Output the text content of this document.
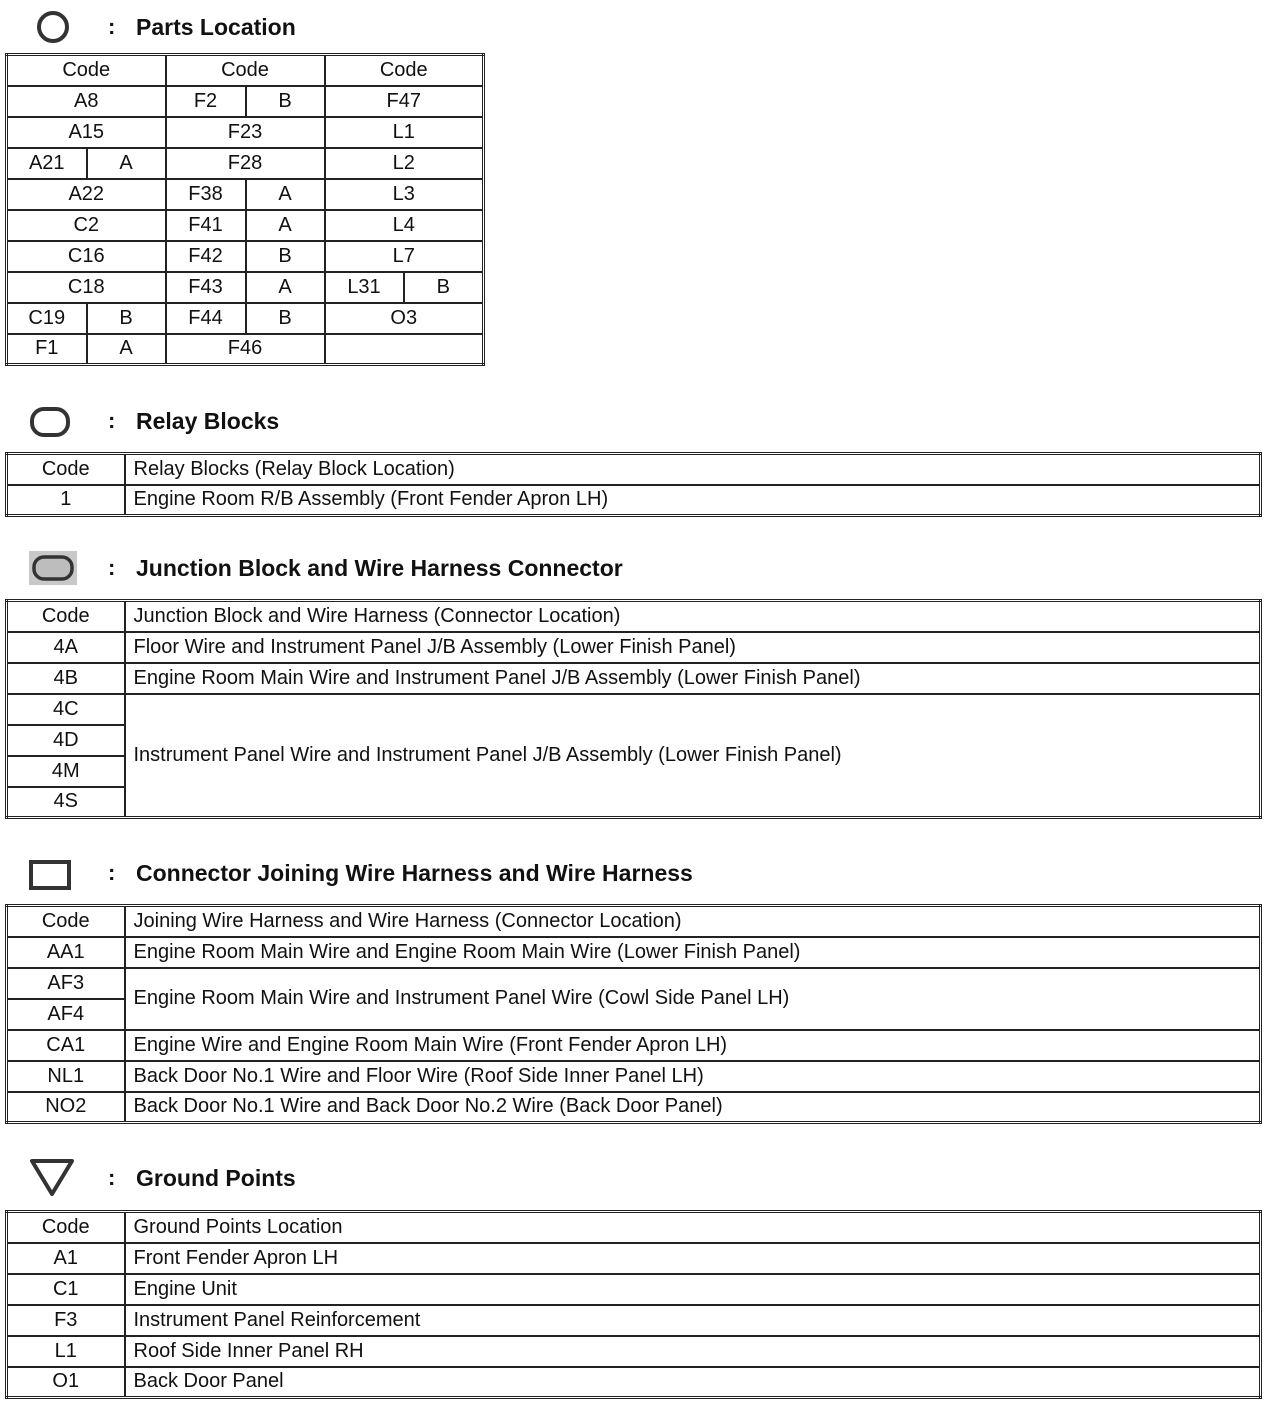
: Parts Location
Code		Code		Code	
A8		F2	B	F47	
A15		F23		L1	
A21	A	F28		L2	
A22		F38	A	L3	
C2		F41	A	L4	
C16		F42	B	L7	
C18		F43	A	L31	B
C19	B	F44	B	O3	
F1	A	F46			
: Relay Blocks
Code	Relay Blocks (Relay Block Location)
1	Engine Room R/B Assembly (Front Fender Apron LH)
: Junction Block and Wire Harness Connector
Code	Junction Block and Wire Harness (Connector Location)
4A	Floor Wire and Instrument Panel J/B Assembly (Lower Finish Panel)
4B	Engine Room Main Wire and Instrument Panel J/B Assembly (Lower Finish Panel)
4C	Instrument Panel Wire and Instrument Panel J/B Assembly (Lower Finish Panel)
4D	
4M	
4S	
: Connector Joining Wire Harness and Wire Harness
Code	Joining Wire Harness and Wire Harness (Connector Location)
AA1	Engine Room Main Wire and Engine Room Main Wire (Lower Finish Panel)
AF3	Engine Room Main Wire and Instrument Panel Wire (Cowl Side Panel LH)
AF4	
CA1	Engine Wire and Engine Room Main Wire (Front Fender Apron LH)
NL1	Back Door No.1 Wire and Floor Wire (Roof Side Inner Panel LH)
NO2	Back Door No.1 Wire and Back Door No.2 Wire (Back Door Panel)
: Ground Points
Code	Ground Points Location
A1	Front Fender Apron LH
C1	Engine Unit
F3	Instrument Panel Reinforcement
L1	Roof Side Inner Panel RH
O1	Back Door Panel
